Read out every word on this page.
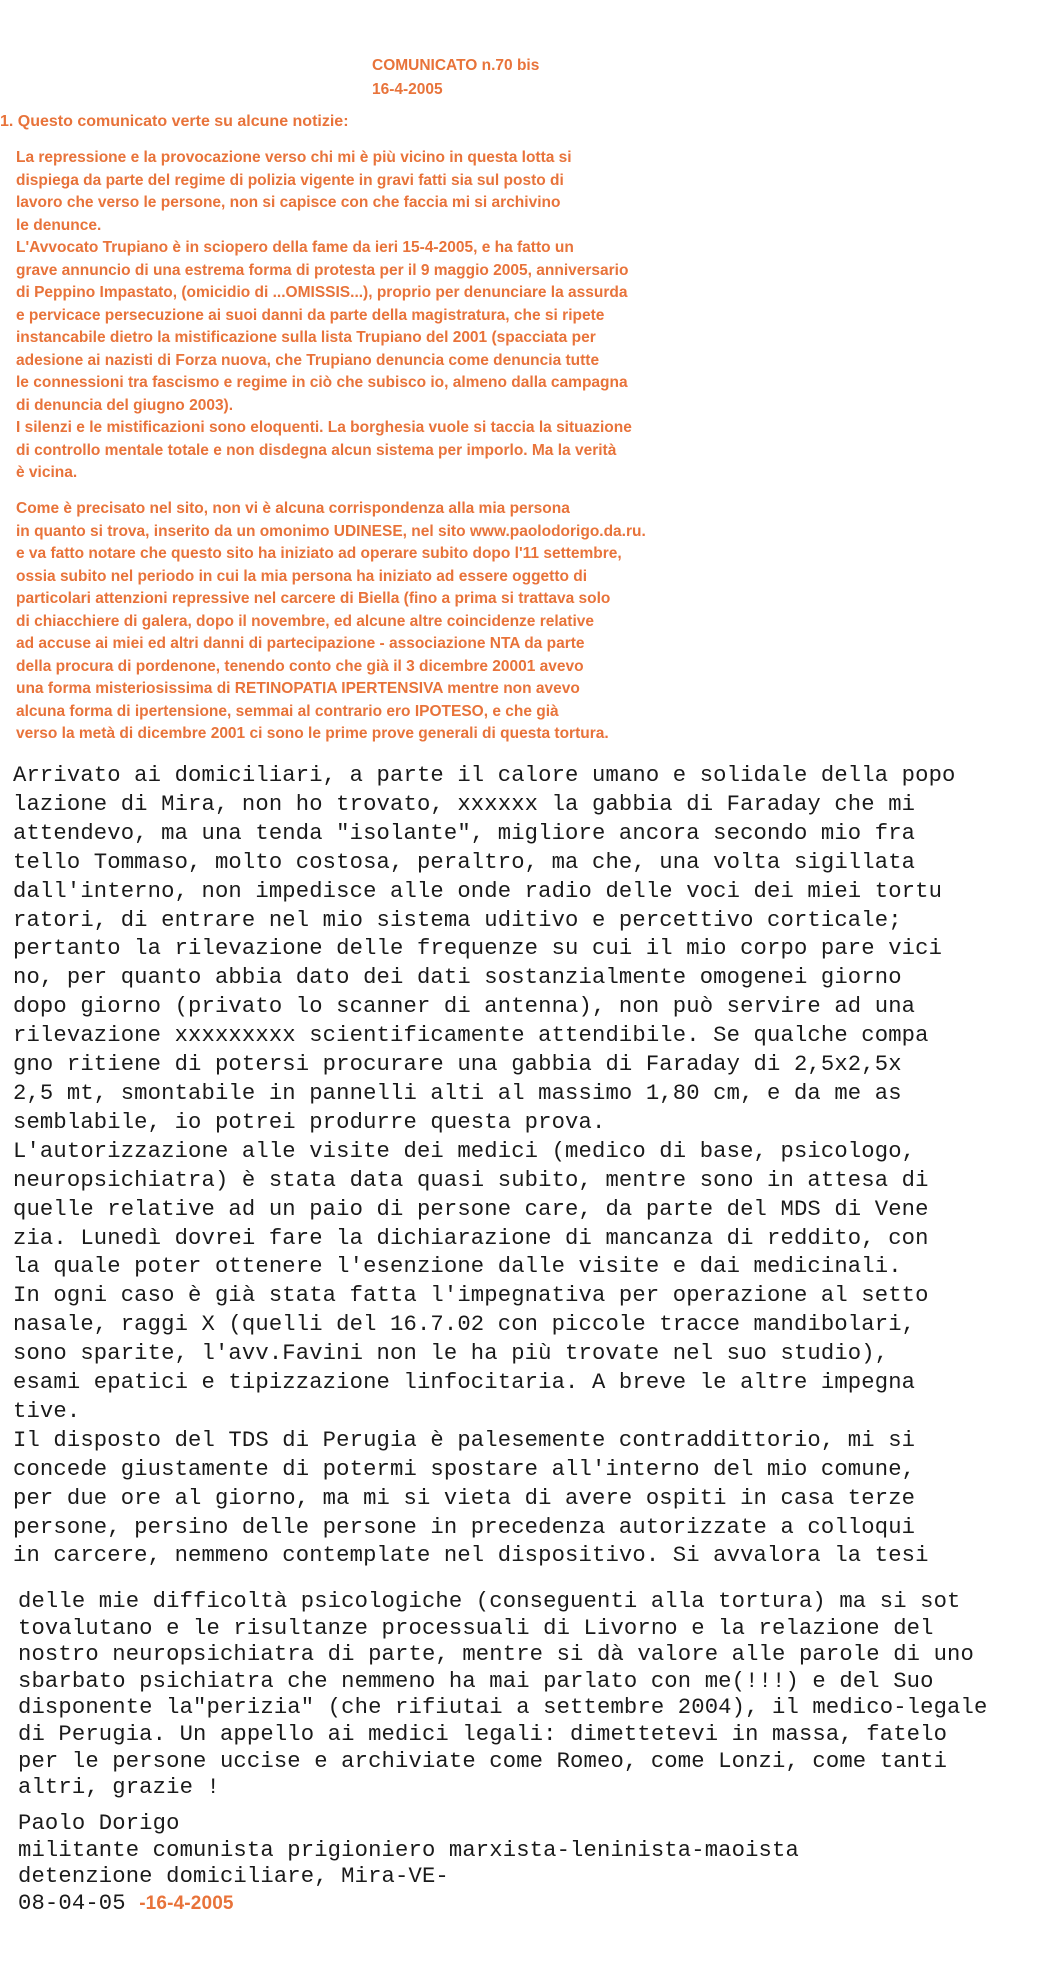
COMUNICATO n.70 bis
16-4-2005
1. Questo comunicato verte su alcune notizie:
La repressione e la provocazione verso chi mi è più vicino in questa lotta si
dispiega da parte del regime di polizia vigente in gravi fatti sia sul posto di
lavoro che verso le persone, non si capisce con che faccia mi si archivino
le denunce.
L'Avvocato Trupiano è in sciopero della fame da ieri 15-4-2005, e ha fatto un
grave annuncio di una estrema forma di protesta per il 9 maggio 2005, anniversario
di Peppino Impastato, (omicidio di ...OMISSIS...), proprio per denunciare la assurda
e pervicace persecuzione ai suoi danni da parte della magistratura, che si ripete
instancabile dietro la mistificazione sulla lista Trupiano del 2001 (spacciata per
adesione ai nazisti di Forza nuova, che Trupiano denuncia come denuncia tutte
le connessioni tra fascismo e regime in ciò che subisco io, almeno dalla campagna
di denuncia del giugno 2003).
I silenzi e le mistificazioni sono eloquenti. La borghesia vuole si taccia la situazione
di controllo mentale totale e non disdegna alcun sistema per imporlo. Ma la verità
è vicina.
Come è precisato nel sito, non vi è alcuna corrispondenza alla mia persona
in quanto si trova, inserito da un omonimo UDINESE, nel sito www.paolodorigo.da.ru.
e va fatto notare che questo sito ha iniziato ad operare subito dopo l'11 settembre,
ossia subito nel periodo in cui la mia persona ha iniziato ad essere oggetto di
particolari attenzioni repressive nel carcere di Biella (fino a prima si trattava solo
di chiacchiere di galera, dopo il novembre, ed alcune altre coincidenze relative
ad accuse ai miei ed altri danni di partecipazione - associazione NTA da parte
della procura di pordenone, tenendo conto che già il 3 dicembre 20001 avevo
una forma misteriosissima di RETINOPATIA IPERTENSIVA mentre non avevo
alcuna forma di ipertensione, semmai al contrario ero IPOTESO, e che già
verso la metà di dicembre 2001 ci sono le prime prove generali di questa tortura.
Arrivato ai domiciliari, a parte il calore umano e solidale della popo
lazione di Mira, non ho trovato, xxxxxx la gabbia di Faraday che mi
attendevo, ma una tenda "isolante", migliore ancora secondo mio fra
tello Tommaso, molto costosa, peraltro, ma che, una volta sigillata
dall'interno, non impedisce alle onde radio delle voci dei miei tortu
ratori, di entrare nel mio sistema uditivo e percettivo corticale;
pertanto la rilevazione delle frequenze su cui il mio corpo pare vici
no, per quanto abbia dato dei dati sostanzialmente omogenei giorno
dopo giorno (privato lo scanner di antenna), non può servire ad una
rilevazione xxxxxxxxx scientificamente attendibile. Se qualche compa
gno ritiene di potersi procurare una gabbia di Faraday di 2,5x2,5x
2,5 mt, smontabile in pannelli alti al massimo 1,80 cm, e da me as
semblabile, io potrei produrre questa prova.
L'autorizzazione alle visite dei medici (medico di base, psicologo,
neuropsichiatra) è stata data quasi subito, mentre sono in attesa di
quelle relative ad un paio di persone care, da parte del MDS di Vene
zia. Lunedì dovrei fare la dichiarazione di mancanza di reddito, con
la quale poter ottenere l'esenzione dalle visite e dai medicinali.
In ogni caso è già stata fatta l'impegnativa per operazione al setto
nasale, raggi X (quelli del 16.7.02 con piccole tracce mandibolari,
sono sparite, l'avv.Favini non le ha più trovate nel suo studio),
esami epatici e tipizzazione linfocitaria. A breve le altre impegna
tive.
Il disposto del TDS di Perugia è palesemente contraddittorio, mi si
concede giustamente di potermi spostare all'interno del mio comune,
per due ore al giorno, ma mi si vieta di avere ospiti in casa terze
persone, persino delle persone in precedenza autorizzate a colloqui
in carcere, nemmeno contemplate nel dispositivo. Si avvalora la tesi
delle mie difficoltà psicologiche (conseguenti alla tortura) ma si sot
tovalutano e le risultanze processuali di Livorno e la relazione del
nostro neuropsichiatra di parte, mentre si dà valore alle parole di uno
sbarbato psichiatra che nemmeno ha mai parlato con me(!!!) e del Suo
disponente la"perizia" (che rifiutai a settembre 2004), il medico-legale
di Perugia. Un appello ai medici legali: dimettetevi in massa, fatelo
per le persone uccise e archiviate come Romeo, come Lonzi, come tanti
altri, grazie !
Paolo Dorigo
militante comunista prigioniero marxista-leninista-maoista
detenzione domiciliare, Mira-VE-
08-04-05 -16-4-2005
